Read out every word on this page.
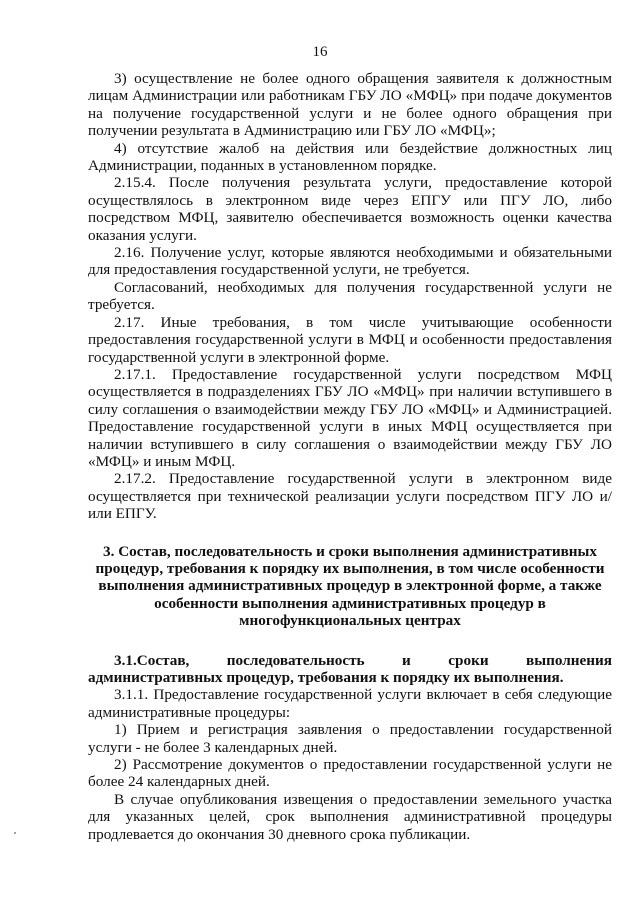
16

3) осуществление не более одного обращения заявителя к должностным лицам Администрации или работникам ГБУ ЛО «МФЦ» при подаче документов на получение государственной услуги и не более одного обращения при получении результата в Администрацию или ГБУ ЛО «МФЦ»;

4) отсутствие жалоб на действия или бездействие должностных лиц Администрации, поданных в установленном порядке.

2.15.4. После получения результата услуги, предоставление которой осуществлялось в электронном виде через ЕПГУ или ПГУ ЛО, либо посредством МФЦ, заявителю обеспечивается возможность оценки качества оказания услуги.

2.16. Получение услуг, которые являются необходимыми и обязательными для предоставления государственной услуги, не требуется.

Согласований, необходимых для получения государственной услуги не требуется.

2.17. Иные требования, в том числе учитывающие особенности предоставления государственной услуги в МФЦ и особенности предоставления государственной услуги в электронной форме.

2.17.1. Предоставление государственной услуги посредством МФЦ осуществляется в подразделениях ГБУ ЛО «МФЦ» при наличии вступившего в силу соглашения о взаимодействии между ГБУ ЛО «МФЦ» и Администрацией. Предоставление государственной услуги в иных МФЦ осуществляется при наличии вступившего в силу соглашения о взаимодействии между ГБУ ЛО «МФЦ» и иным МФЦ.

2.17.2. Предоставление государственной услуги в электронном виде осуществляется при технической реализации услуги посредством ПГУ ЛО и/или ЕПГУ.

3. Состав, последовательность и сроки выполнения административных процедур, требования к порядку их выполнения, в том числе особенности выполнения административных процедур в электронной форме, а также особенности выполнения административных процедур в многофункциональных центрах
3.1.Состав, последовательность и сроки выполнения административных процедур, требования к порядку их выполнения.

3.1.1. Предоставление государственной услуги включает в себя следующие административные процедуры:

1) Прием и регистрация заявления о предоставлении государственной услуги - не более 3 календарных дней.

2) Рассмотрение документов о предоставлении государственной услуги не более 24 календарных дней.

В случае опубликования извещения о предоставлении земельного участка для указанных целей, срок выполнения административной процедуры продлевается до окончания 30 дневного срока публикации.
